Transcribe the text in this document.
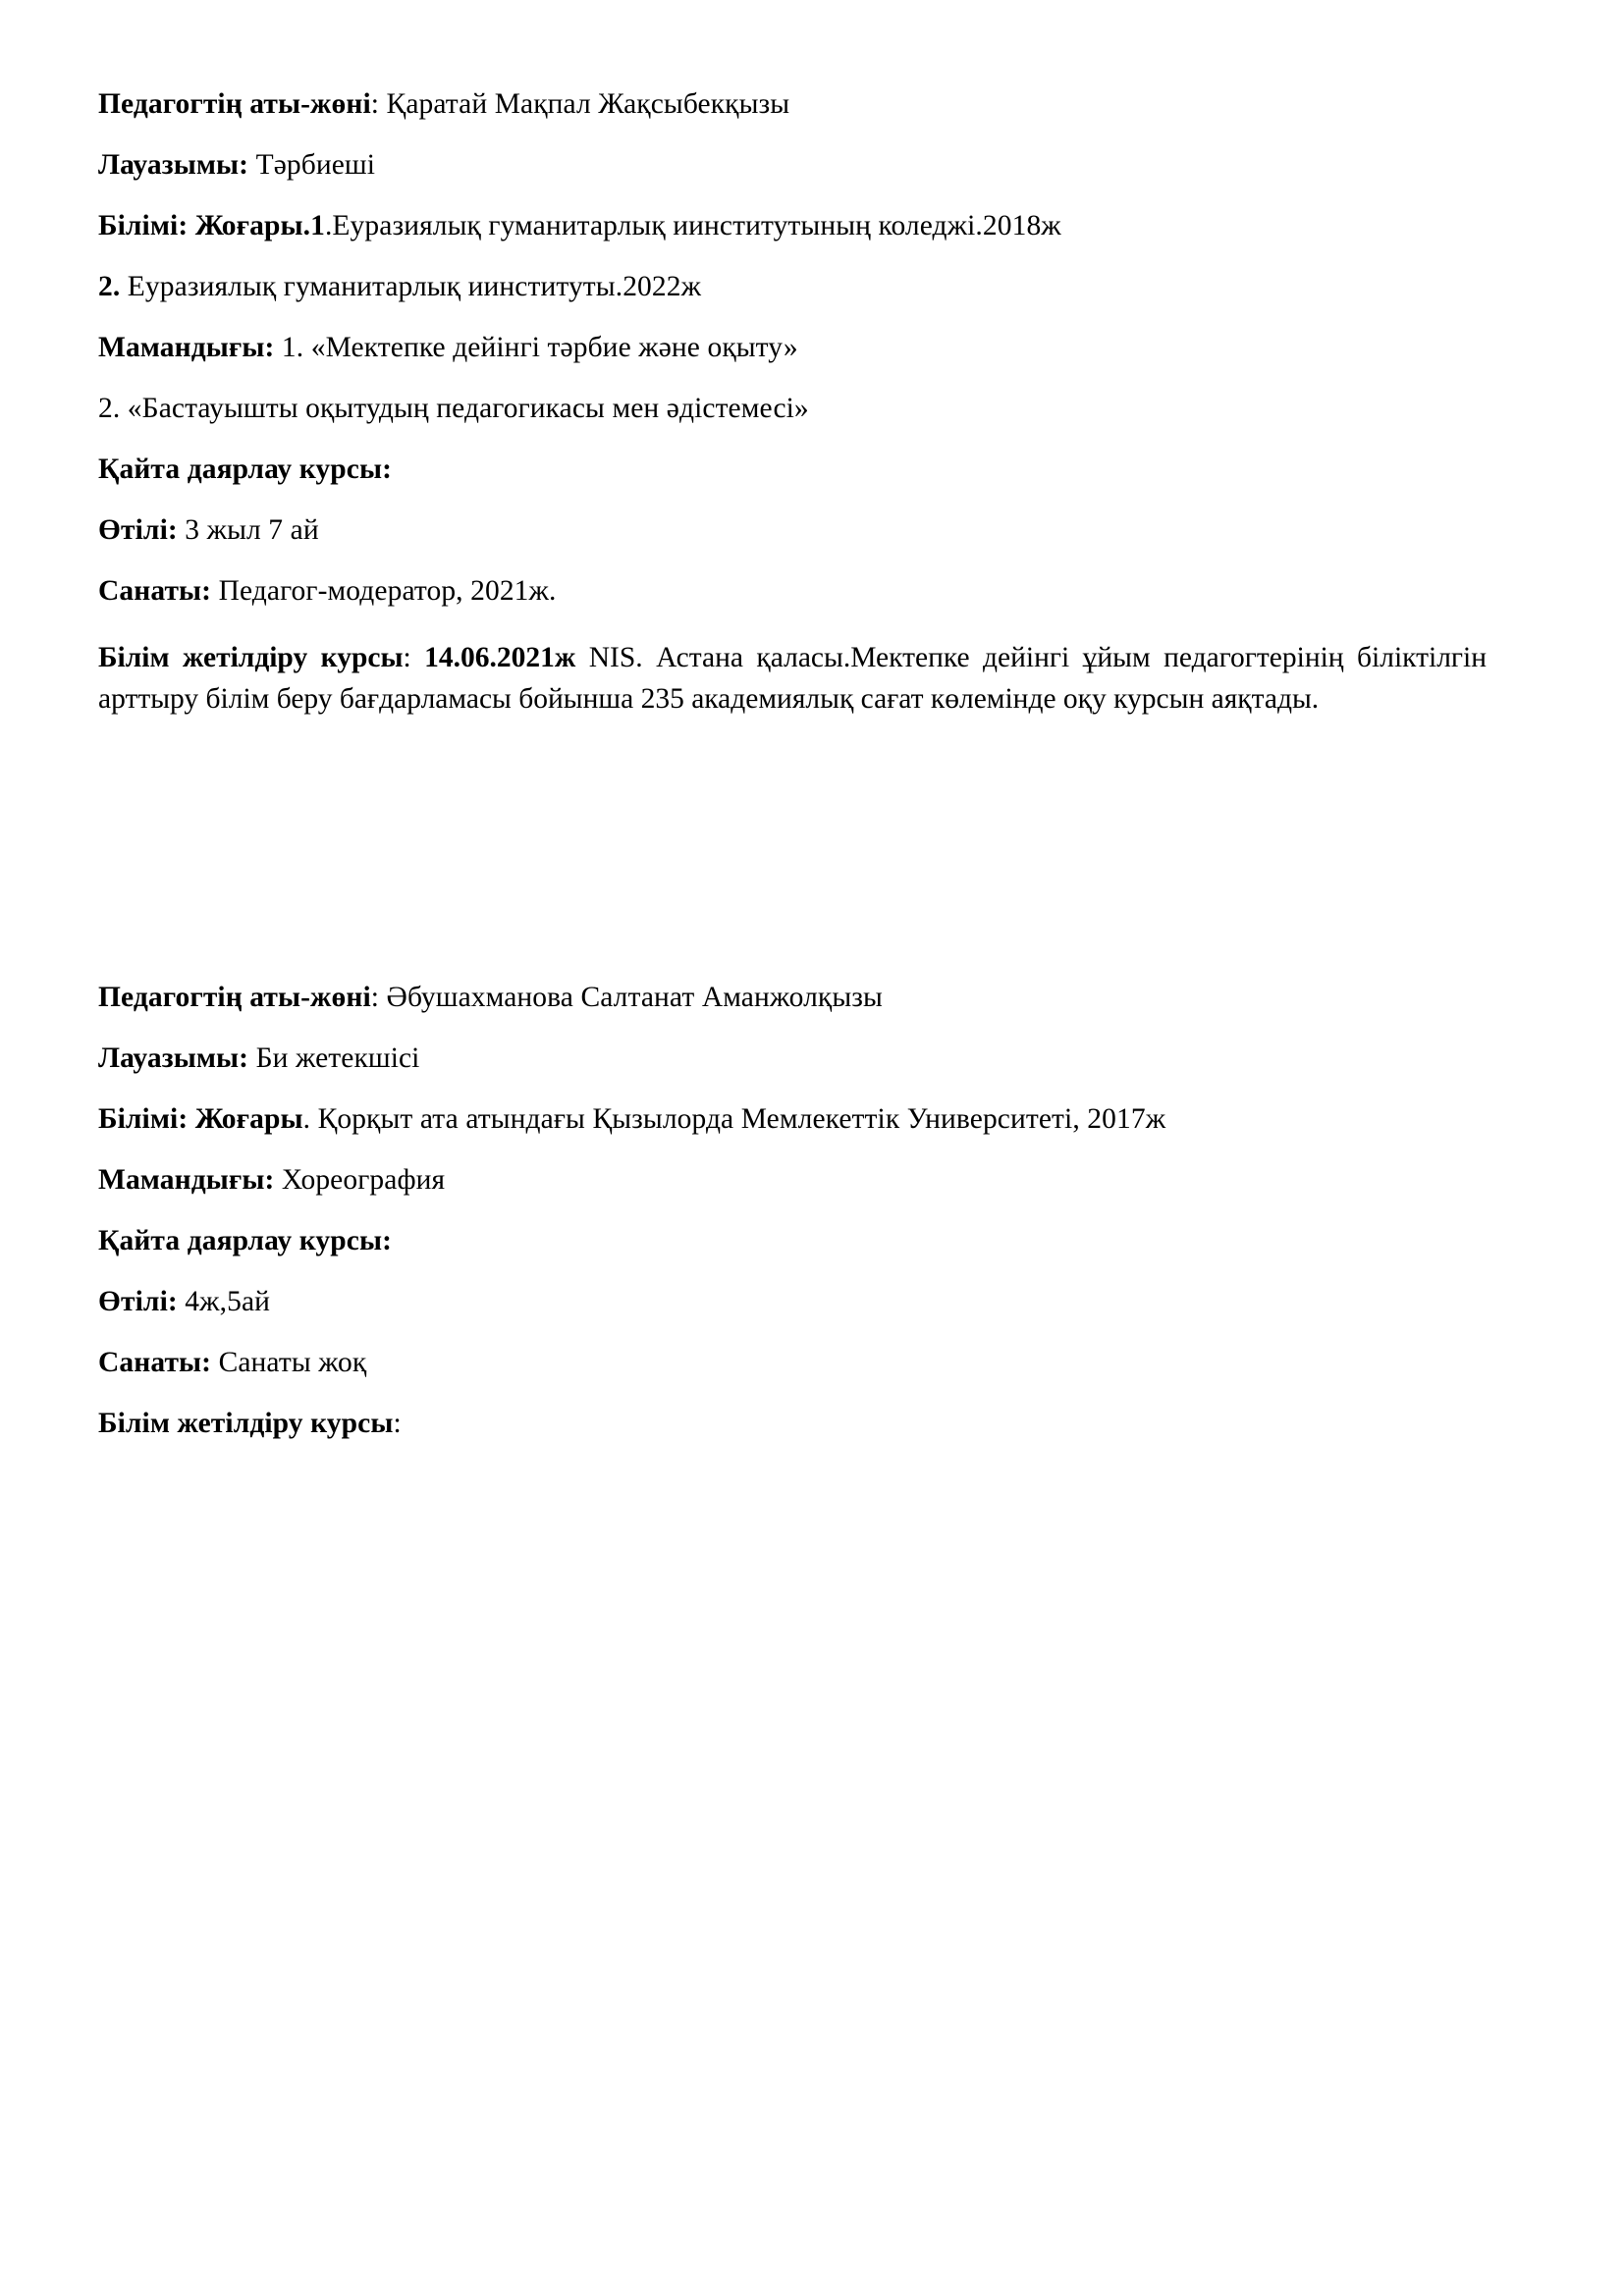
Педагогтің аты-жөні: Қаратай Мақпал Жақсыбекқызы

Лауазымы: Тәрбиеші

Білімі: Жоғары.1.Еуразиялық гуманитарлық иинститутының коледжі.2018ж

2. Еуразиялық гуманитарлық иинституты.2022ж

Мамандығы: 1. «Мектепке дейінгі тәрбие және оқыту»

2. «Бастауышты оқытудың педагогикасы мен әдістемесі»

Қайта даярлау курсы:

Өтілі: 3 жыл 7 ай

Санаты: Педагог-модератор, 2021ж.

Білім жетілдіру курсы: 14.06.2021ж NIS. Астана қаласы.Мектепке дейінгі ұйым педагогтерінің біліктілгін арттыру білім беру бағдарламасы бойынша 235 академиялық сағат көлемінде оқу курсын аяқтады.

Педагогтің аты-жөні: Әбушахманова Салтанат Аманжолқызы

Лауазымы: Би жетекшісі

Білімі: Жоғары. Қорқыт ата атындағы Қызылорда Мемлекеттік Университеті, 2017ж

Мамандығы: Хореография

Қайта даярлау курсы:

Өтілі: 4ж,5ай

Санаты: Санаты жоқ

Білім жетілдіру курсы:
